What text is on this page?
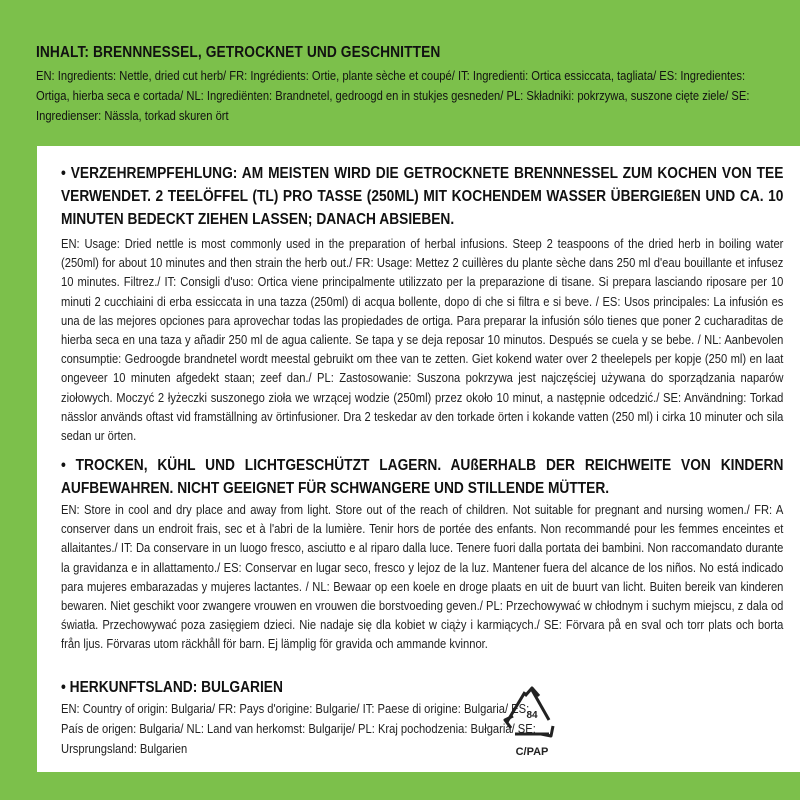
INHALT: BRENNNESSEL, GETROCKNET UND GESCHNITTEN
EN: Ingredients: Nettle, dried cut herb/ FR: Ingrédients: Ortie, plante sèche et coupé/ IT: Ingredienti: Ortica essiccata, tagliata/ ES: Ingredientes: Ortiga, hierba seca e cortada/ NL: Ingrediënten: Brandnetel, gedroogd en in stukjes gesneden/ PL: Składniki: pokrzywa, suszone cięte ziele/ SE: Ingredienser: Nässla, torkad skuren ört
• VERZEHREMPFEHLUNG: AM MEISTEN WIRD DIE GETROCKNETE BRENNNESSEL ZUM KOCHEN VON TEE VERWENDET. 2 TEELÖFFEL (TL) PRO TASSE (250ML) MIT KOCHENDEM WASSER ÜBERGIEßEN UND CA. 10 MINUTEN BEDECKT ZIEHEN LASSEN; DANACH ABSIEBEN.
EN: Usage: Dried nettle is most commonly used in the preparation of herbal infusions. Steep 2 teaspoons of the dried herb in boiling water (250ml) for about 10 minutes and then strain the herb out./ FR: Usage: Mettez 2 cuillères du plante sèche dans 250 ml d'eau bouillante et infusez 10 minutes. Filtrez./ IT: Consigli d'uso: Ortica viene principalmente utilizzato per la preparazione di tisane. Si prepara lasciando riposare per 10 minuti 2 cucchiaini di erba essiccata in una tazza (250ml) di acqua bollente, dopo di che si filtra e si beve. / ES: Usos principales: La infusión es una de las mejores opciones para aprovechar todas las propiedades de ortiga. Para preparar la infusión sólo tienes que poner 2 cucharaditas de hierba seca en una taza y añadir 250 ml de agua caliente. Se tapa y se deja reposar 10 minutos. Después se cuela y se bebe. / NL: Aanbevolen consumptie: Gedroogde brandnetel wordt meestal gebruikt om thee van te zetten. Giet kokend water over 2 theelepels per kopje (250 ml) en laat ongeveer 10 minuten afgedekt staan; zeef dan./ PL: Zastosowanie: Suszona pokrzywa jest najczęściej używana do sporządzania naparów ziołowych. Moczyć 2 łyżeczki suszonego zioła we wrzącej wodzie (250ml) przez około 10 minut, a następnie odcedzić./ SE: Användning: Torkad nässlor används oftast vid framställning av örtinfusioner. Dra 2 teskedar av den torkade örten i kokande vatten (250 ml) i cirka 10 minuter och sila sedan ur örten.
• TROCKEN, KÜHL UND LICHTGESCHÜTZT LAGERN. AUßERHALB DER REICHWEITE VON KINDERN AUFBEWAHREN. NICHT GEEIGNET FÜR SCHWANGERE UND STILLENDE MÜTTER.
EN: Store in cool and dry place and away from light. Store out of the reach of children. Not suitable for pregnant and nursing women./ FR: A conserver dans un endroit frais, sec et à l'abri de la lumière. Tenir hors de portée des enfants. Non recommandé pour les femmes enceintes et allaitantes./ IT: Da conservare in un luogo fresco, asciutto e al riparo dalla luce. Tenere fuori dalla portata dei bambini. Non raccomandato durante la gravidanza e in allattamento./ ES: Conservar en lugar seco, fresco y lejoz de la luz. Mantener fuera del alcance de los niños. No está indicado para mujeres embarazadas y mujeres lactantes. / NL: Bewaar op een koele en droge plaats en uit de buurt van licht. Buiten bereik van kinderen bewaren. Niet geschikt voor zwangere vrouwen en vrouwen die borstvoeding geven./ PL: Przechowywać w chłodnym i suchym miejscu, z dala od światła. Przechowywać poza zasięgiem dzieci. Nie nadaje się dla kobiet w ciąży i karmiących./ SE: Förvara på en sval och torr plats och borta från ljus. Förvaras utom räckhåll för barn. Ej lämplig för gravida och ammande kvinnor.
• HERKUNFTSLAND: BULGARIEN
EN: Country of origin: Bulgaria/ FR: Pays d'origine: Bulgarie/ IT: Paese di origine: Bulgaria/ ES: País de origen: Bulgaria/ NL: Land van herkomst: Bulgarije/ PL: Kraj pochodzenia: Bułgaria/ SE: Ursprungsland: Bulgarien
84
C/PAP
